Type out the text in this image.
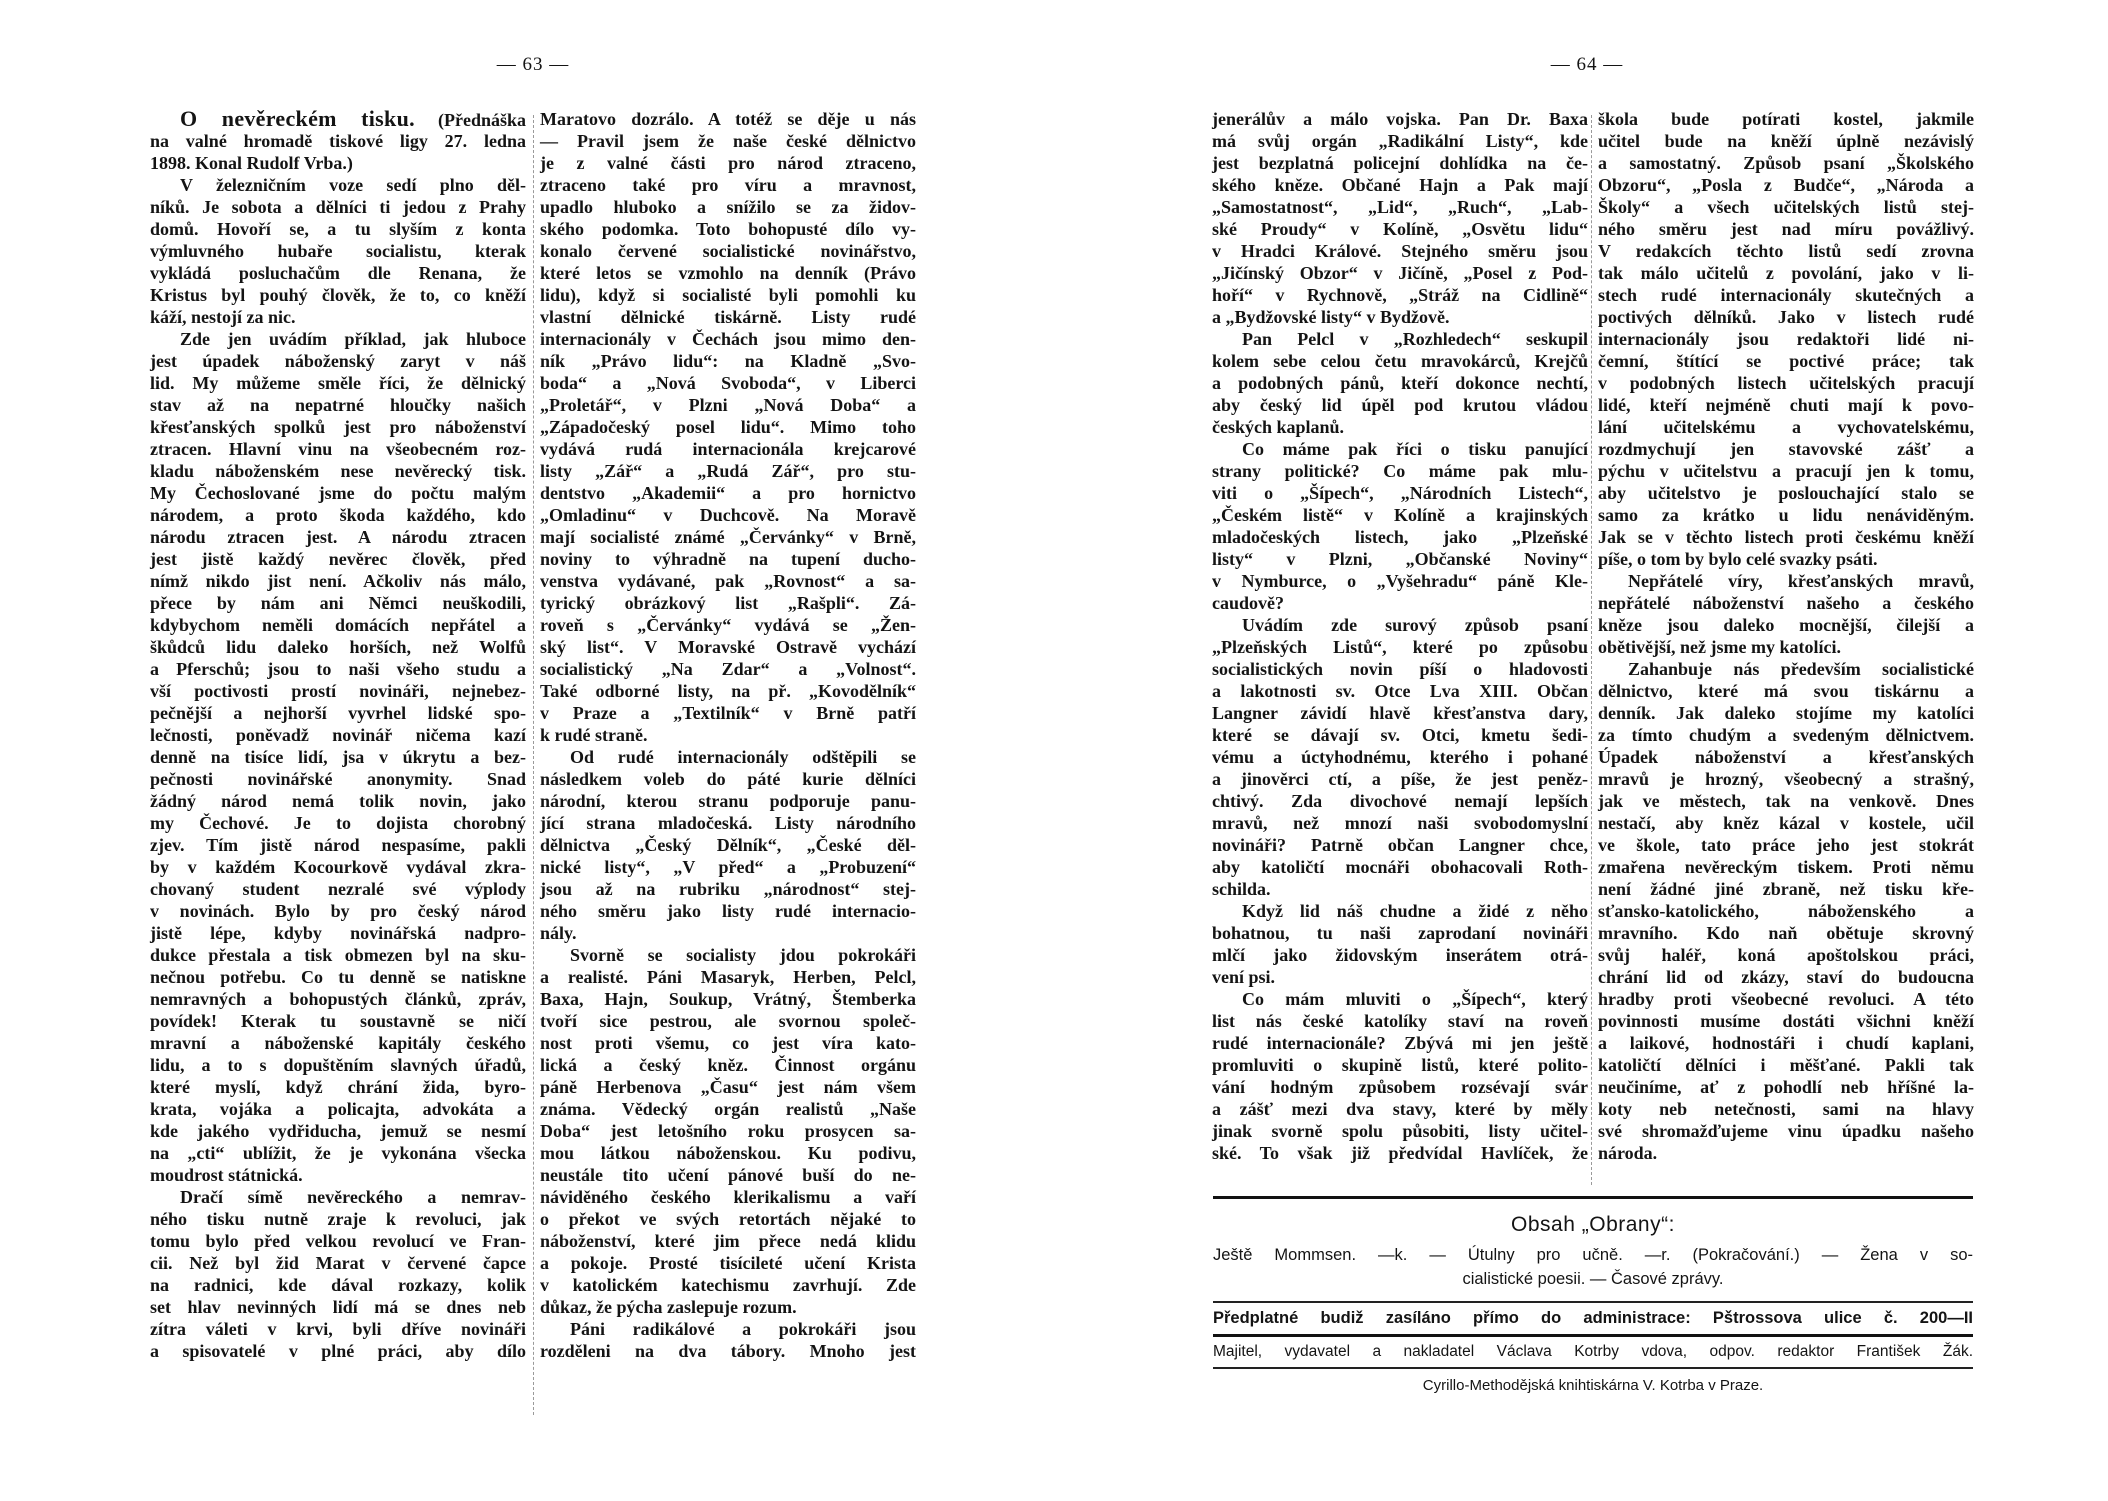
— 63 —	— 64 —
O nevěreckém tisku. (Přednáška
na valné hromadě tiskové ligy 27. ledna
1898. Konal Rudolf Vrba.)
V železničním voze sedí plno děl-
níků. Je sobota a dělníci ti jedou z Prahy
domů. Hovoří se, a tu slyším z konta
výmluvného hubaře socialistu, kterak
vykládá posluchačům dle Renana, že
Kristus byl pouhý člověk, že to, co kněží
káží, nestojí za nic.
Zde jen uvádím příklad, jak hluboce
jest úpadek náboženský zaryt v náš
lid. My můžeme směle říci, že dělnický
stav až na nepatrné hloučky našich
křesťanských spolků jest pro náboženství
ztracen. Hlavní vinu na všeobecném roz-
kladu náboženském nese nevěrecký tisk.
My Čechoslované jsme do počtu malým
národem, a proto škoda každého, kdo
národu ztracen jest. A národu ztracen
jest jistě každý nevěrec člověk, před
nímž nikdo jist není. Ačkoliv nás málo,
přece by nám ani Němci neuškodili,
kdybychom neměli domácích nepřátel a
škůdců lidu daleko horších, než Wolfů
a Pferschů; jsou to naši všeho studu a
vší poctivosti prostí novináři, nejnebez-
pečnější a nejhorší vyvrhel lidské spo-
lečnosti, poněvadž novinář ničema kazí
denně na tisíce lidí, jsa v úkrytu a bez-
pečnosti novinářské anonymity. Snad
žádný národ nemá tolik novin, jako
my Čechové. Je to dojista chorobný
zjev. Tím jistě národ nespasíme, pakli
by v každém Kocourkově vydával zkra-
chovaný student nezralé své výplody
v novinách. Bylo by pro český národ
jistě lépe, kdyby novinářská nadpro-
dukce přestala a tisk obmezen byl na sku-
nečnou potřebu. Co tu denně se natiskne
nemravných a bohopustých článků, zpráv,
povídek! Kterak tu soustavně se ničí
mravní a náboženské kapitály českého
lidu, a to s dopuštěním slavných úřadů,
které myslí, když chrání žida, byro-
krata, vojáka a policajta, advokáta a
kde jakého vydřiducha, jemuž se nesmí
na „cti“ ublížit, že je vykonána všecka
moudrost státnická.
Dračí símě nevěreckého a nemrav-
ného tisku nutně zraje k revoluci, jak
tomu bylo před velkou revolucí ve Fran-
cii. Než byl žid Marat v červené čapce
na radnici, kde dával rozkazy, kolik
set hlav nevinných lidí má se dnes neb
zítra váleti v krvi, byli dříve novináři
a spisovatelé v plné práci, aby dílo
Maratovo dozrálo. A totéž se děje u nás
— Pravil jsem že naše české dělnictvo
je z valné části pro národ ztraceno,
ztraceno také pro víru a mravnost,
upadlo hluboko a snížilo se za židov-
ského podomka. Toto bohopusté dílo vy-
konalo červené socialistické novinářstvo,
které letos se vzmohlo na denník (Právo
lidu), když si socialisté byli pomohli ku
vlastní dělnické tiskárně. Listy rudé
internacionály v Čechách jsou mimo den-
ník „Právo lidu“: na Kladně „Svo-
boda“ a „Nová Svoboda“, v Liberci
„Proletář“, v Plzni „Nová Doba“ a
„Západočeský posel lidu“. Mimo toho
vydává rudá internacionála krejcarové
listy „Zář“ a „Rudá Zář“, pro stu-
dentstvo „Akademii“ a pro hornictvo
„Omladinu“ v Duchcově. Na Moravě
mají socialisté známé „Červánky“ v Brně,
noviny to výhradně na tupení ducho-
venstva vydávané, pak „Rovnost“ a sa-
tyrický obrázkový list „Rašpli“. Zá-
roveň s „Červánky“ vydává se „Žen-
ský list“. V Moravské Ostravě vychází
socialistický „Na Zdar“ a „Volnost“.
Také odborné listy, na př. „Kovodělník“
v Praze a „Textilník“ v Brně patří
k rudé straně.
Od rudé internacionály odštěpili se
následkem voleb do páté kurie dělníci
národní, kterou stranu podporuje panu-
jící strana mladočeská. Listy národního
dělnictva „Český Dělník“, „České děl-
nické listy“, „V před“ a „Probuzení“
jsou až na rubriku „národnost“ stej-
ného směru jako listy rudé internacio-
nály.
Svorně se socialisty jdou pokrokáři
a realisté. Páni Masaryk, Herben, Pelcl,
Baxa, Hajn, Soukup, Vrátný, Štemberka
tvoří sice pestrou, ale svornou společ-
nost proti všemu, co jest víra kato-
lická a český kněz. Činnost orgánu
páně Herbenova „Času“ jest nám všem
známa. Vědecký orgán realistů „Naše
Doba“ jest letošního roku prosycen sa-
mou látkou náboženskou. Ku podivu,
neustále tito učení pánové buší do ne-
náviděného českého klerikalismu a vaří
o překot ve svých retortách nějaké to
náboženství, které jim přece nedá klidu
a pokoje. Prosté tisícileté učení Krista
v katolickém katechismu zavrhují. Zde
důkaz, že pýcha zaslepuje rozum.
Páni radikálové a pokrokáři jsou
rozděleni na dva tábory. Mnoho jest
jenerálův a málo vojska. Pan Dr. Baxa
má svůj orgán „Radikální Listy“, kde
jest bezplatná policejní dohlídka na če-
ského kněze. Občané Hajn a Pak mají
„Samostatnost“, „Lid“, „Ruch“, „Lab-
ské Proudy“ v Kolíně, „Osvětu lidu“
v Hradci Králové. Stejného směru jsou
„Jičínský Obzor“ v Jičíně, „Posel z Pod-
hoří“ v Rychnově, „Stráž na Cidlině“
a „Bydžovské listy“ v Bydžově.
Pan Pelcl v „Rozhledech“ seskupil
kolem sebe celou četu mravokárců, Krejčů
a podobných pánů, kteří dokonce nechtí,
aby český lid úpěl pod krutou vládou
českých kaplanů.
Co máme pak říci o tisku panující
strany politické? Co máme pak mlu-
viti o „Šípech“, „Národních Listech“,
„Českém listě“ v Kolíně a krajinských
mladočeských listech, jako „Plzeňské
listy“ v Plzni, „Občanské Noviny“
v Nymburce, o „Vyšehradu“ páně Kle-
caudově?
Uvádím zde surový způsob psaní
„Plzeňských Listů“, které po způsobu
socialistických novin píší o hladovosti
a lakotnosti sv. Otce Lva XIII. Občan
Langner závidí hlavě křesťanstva dary,
které se dávají sv. Otci, kmetu šedi-
vému a úctyhodnému, kterého i pohané
a jinověrci ctí, a píše, že jest peněz-
chtivý. Zda divochové nemají lepších
mravů, než mnozí naši svobodomyslní
novináři? Patrně občan Langner chce,
aby katoličtí mocnáři obohacovali Roth-
schilda.
Když lid náš chudne a židé z něho
bohatnou, tu naši zaprodaní novináři
mlčí jako židovským inserátem otrá-
vení psi.
Co mám mluviti o „Šípech“, který
list nás české katolíky staví na roveň
rudé internacionále? Zbývá mi jen ještě
promluviti o skupině listů, které polito-
vání hodným způsobem rozsévají svár
a zášť mezi dva stavy, které by měly
jinak svorně spolu působiti, listy učitel-
ské. To však již předvídal Havlíček, že
škola bude potírati kostel, jakmile
učitel bude na kněží úplně nezávislý
a samostatný. Způsob psaní „Školského
Obzoru“, „Posla z Budče“, „Národa a
Školy“ a všech učitelských listů stej-
ného směru jest nad míru povážlivý.
V redakcích těchto listů sedí zrovna
tak málo učitelů z povolání, jako v li-
stech rudé internacionály skutečných a
poctivých dělníků. Jako v listech rudé
internacionály jsou redaktoři lidé ni-
čemní, štítící se poctivé práce; tak
v podobných listech učitelských pracují
lidé, kteří nejméně chuti mají k povo-
lání učitelskému a vychovatelskému,
rozdmychují jen stavovské zášť a
pýchu v učitelstvu a pracují jen k tomu,
aby učitelstvo je poslouchající stalo se
samo za krátko u lidu nenáviděným.
Jak se v těchto listech proti českému kněží
píše, o tom by bylo celé svazky psáti.
Nepřátelé víry, křesťanských mravů,
nepřátelé náboženství našeho a českého
kněze jsou daleko mocnější, čilejší a
obětivější, než jsme my katolíci.
Zahanbuje nás především socialistické
dělnictvo, které má svou tiskárnu a
denník. Jak daleko stojíme my katolíci
za tímto chudým a svedeným dělnictvem.
Úpadek náboženství a křesťanských
mravů je hrozný, všeobecný a strašný,
jak ve městech, tak na venkově. Dnes
nestačí, aby kněz kázal v kostele, učil
ve škole, tato práce jeho jest stokrát
zmařena nevěreckým tiskem. Proti němu
není žádné jiné zbraně, než tisku kře-
sťansko-katolického, náboženského a
mravního. Kdo naň obětuje skrovný
svůj haléř, koná apoštolskou práci,
chrání lid od zkázy, staví do budoucna
hradby proti všeobecné revoluci. A této
povinnosti musíme dostáti všichni kněží
a laikové, hodnostáři i chudí kaplani,
katoličtí dělníci i měšťané. Pakli tak
neučiníme, ať z pohodlí neb hříšné la-
koty neb netečnosti, sami na hlavy
své shromažďujeme vinu úpadku našeho
národa.
Obsah „Obrany“:
Ještě Mommsen. —k. — Útulny pro učně. —r. (Pokračování.) — Žena v so-
cialistické poesii. — Časové zprávy.
Předplatné budiž zasíláno přímo do administrace: Pštrossova ulice č. 200—II
Majitel, vydavatel a nakladatel Václava Kotrby vdova, odpov. redaktor František Žák.
Cyrillo-Methodějská knihtiskárna V. Kotrba v Praze.
